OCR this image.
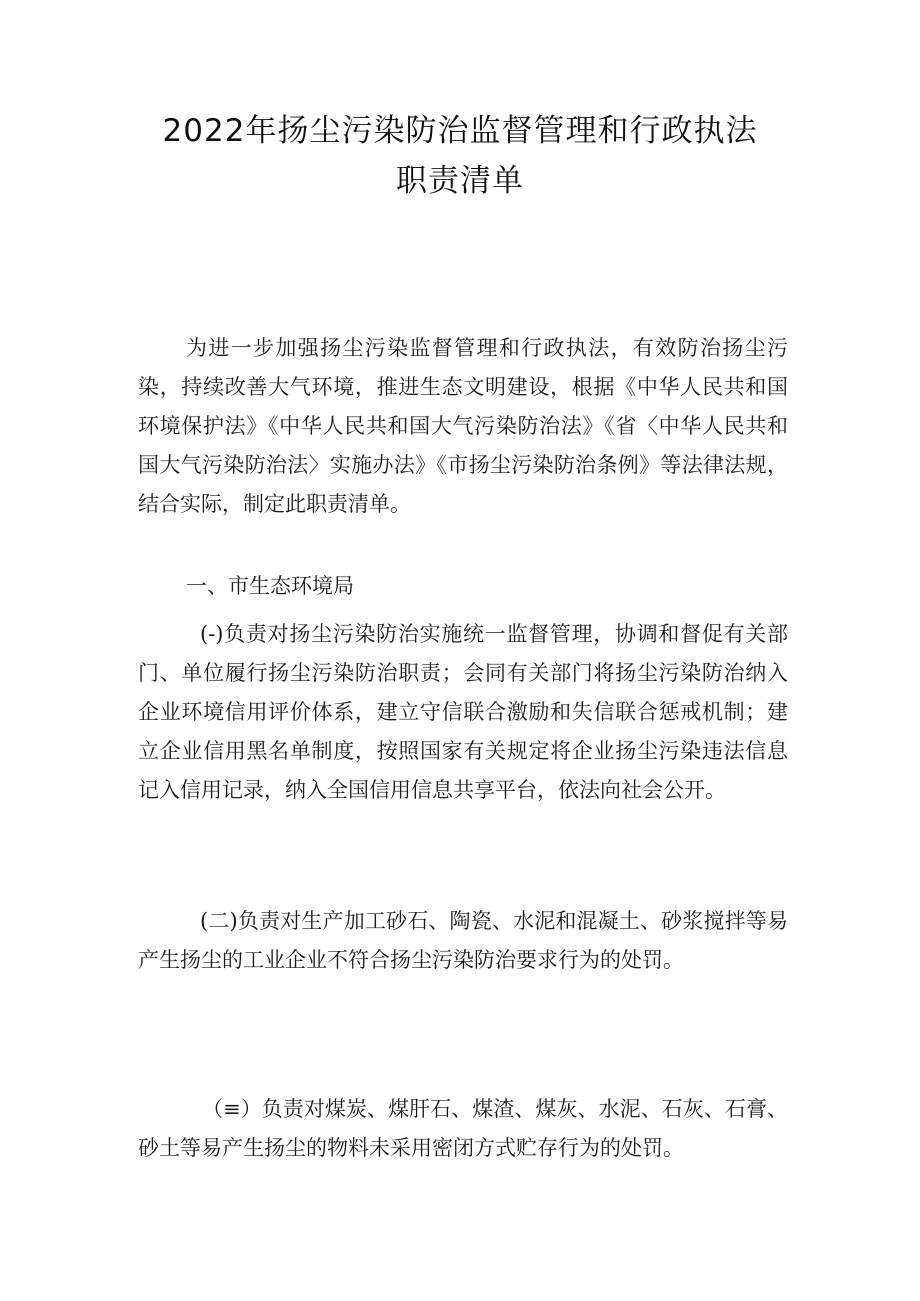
2022年扬尘污染防治监督管理和行政执法
职责清单

为进一步加强扬尘污染监督管理和行政执法，有效防治扬尘污染，持续改善大气环境，推进生态文明建设，根据《中华人民共和国环境保护法》《中华人民共和国大气污染防治法》《省〈中华人民共和国大气污染防治法〉实施办法》《市扬尘污染防治条例》等法律法规，结合实际，制定此职责清单。

一、市生态环境局

(-)负责对扬尘污染防治实施统一监督管理，协调和督促有关部门、单位履行扬尘污染防治职责；会同有关部门将扬尘污染防治纳入企业环境信用评价体系，建立守信联合激励和失信联合惩戒机制；建立企业信用黑名单制度，按照国家有关规定将企业扬尘污染违法信息记入信用记录，纳入全国信用信息共享平台，依法向社会公开。

(二)负责对生产加工砂石、陶瓷、水泥和混凝土、砂浆搅拌等易产生扬尘的工业企业不符合扬尘污染防治要求行为的处罚。

（≡）负责对煤炭、煤肝石、煤渣、煤灰、水泥、石灰、石膏、砂土等易产生扬尘的物料未采用密闭方式贮存行为的处罚。
